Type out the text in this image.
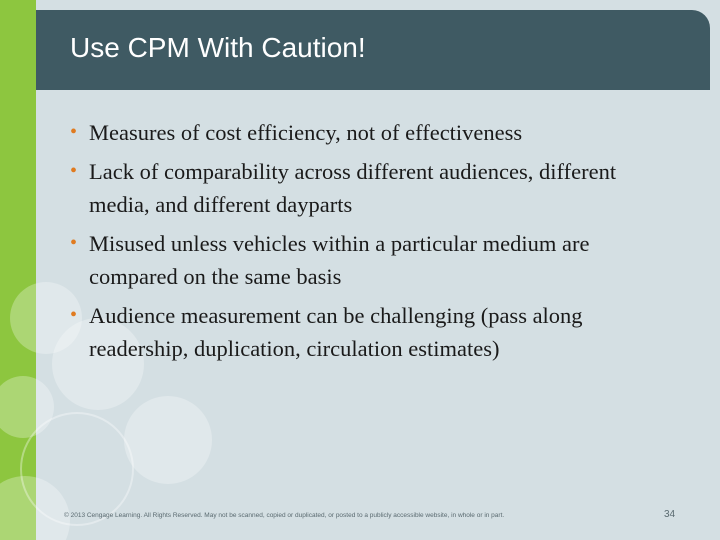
Use CPM With Caution!
• Measures of cost efficiency, not of effectiveness
• Lack of comparability across different audiences, different media, and different dayparts
• Misused unless vehicles within a particular medium are compared on the same basis
• Audience measurement can be challenging (pass along readership, duplication, circulation estimates)
© 2013 Cengage Learning. All Rights Reserved. May not be scanned, copied or duplicated, or posted to a publicly accessible website, in whole or in part.	34
